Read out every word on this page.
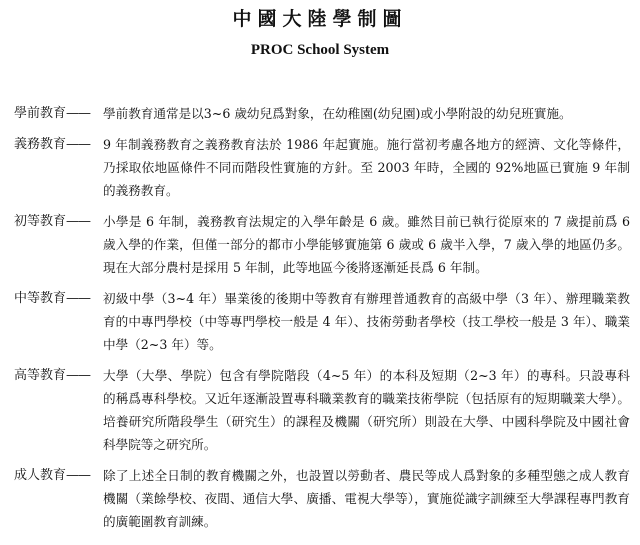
中國大陸學制圖
PROC School System
學前教育——	學前教育通常是以3~6 歲幼兒爲對象，在幼稚園(幼兒園)或小學附設的幼兒班實施。
義務教育——	9 年制義務教育之義務教育法於 1986 年起實施。施行當初考慮各地方的經濟、文化等條件，乃採取依地區條件不同而階段性實施的方針。至 2003 年時，全國的 92%地區已實施 9 年制的義務教育。
初等教育——	小學是 6 年制，義務教育法規定的入學年齡是 6 歲。雖然目前已執行從原來的 7 歲提前爲 6 歲入學的作業，但僅一部分的都市小學能够實施第 6 歲或 6 歲半入學，7 歲入學的地區仍多。現在大部分農村是採用 5 年制，此等地區今後將逐漸延長爲 6 年制。
中等教育——	初級中學（3~4 年）畢業後的後期中等教育有辦理普通教育的高級中學（3 年）、辦理職業教育的中專門學校（中等專門學校一般是 4 年）、技術勞動者學校（技工學校一般是 3 年）、職業中學（2~3 年）等。
高等教育——	大學（大學、學院）包含有學院階段（4~5 年）的本科及短期（2~3 年）的專科。只設專科的稱爲專科學校。又近年逐漸設置專科職業教育的職業技術學院（包括原有的短期職業大學）。培養研究所階段學生（研究生）的課程及機關（研究所）則設在大學、中國科學院及中國社會科學院等之研究所。
成人教育——	除了上述全日制的教育機關之外，也設置以勞動者、農民等成人爲對象的多種型態之成人教育機關（業餘學校、夜間、通信大學、廣播、電視大學等），實施從識字訓練至大學課程專門教育的廣範圍教育訓練。
